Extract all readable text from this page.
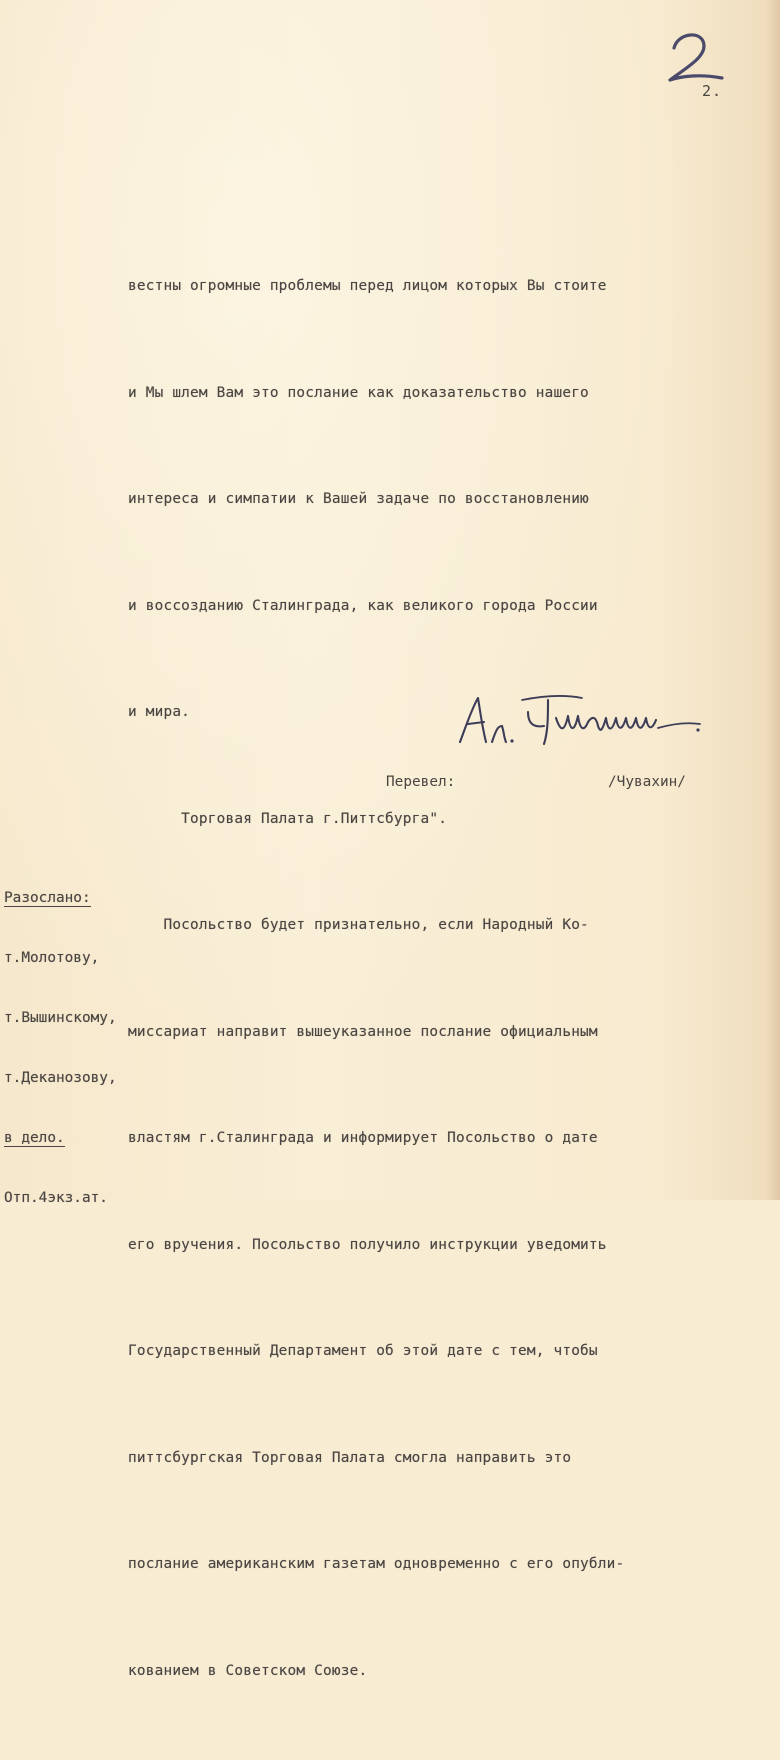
2.

вестны огромные проблемы перед лицом которых Вы стоите

и Мы шлем Вам это послание как доказательство нашего

интереса и симпатии к Вашей задаче по восстановлению

и воссозданию Сталинграда, как великого города России

и мира.

Торговая Палата г.Питтсбурга".

Посольство будет признательно, если Народный Ко-

миссариат направит вышеуказанное послание официальным

властям г.Сталинграда и информирует Посольство о дате

его вручения. Посольство получило инструкции уведомить

Государственный Департамент об этой дате с тем, чтобы

питтсбургская Торговая Палата смогла направить это

послание американским газетам одновременно с его опубли-

кованием в Советском Союзе.

Перевел:

	/Чувахин/

Разослано:

т.Молотову,

т.Вышинскому,

т.Деканозову,

в дело.

Отп.4экз.ат.
